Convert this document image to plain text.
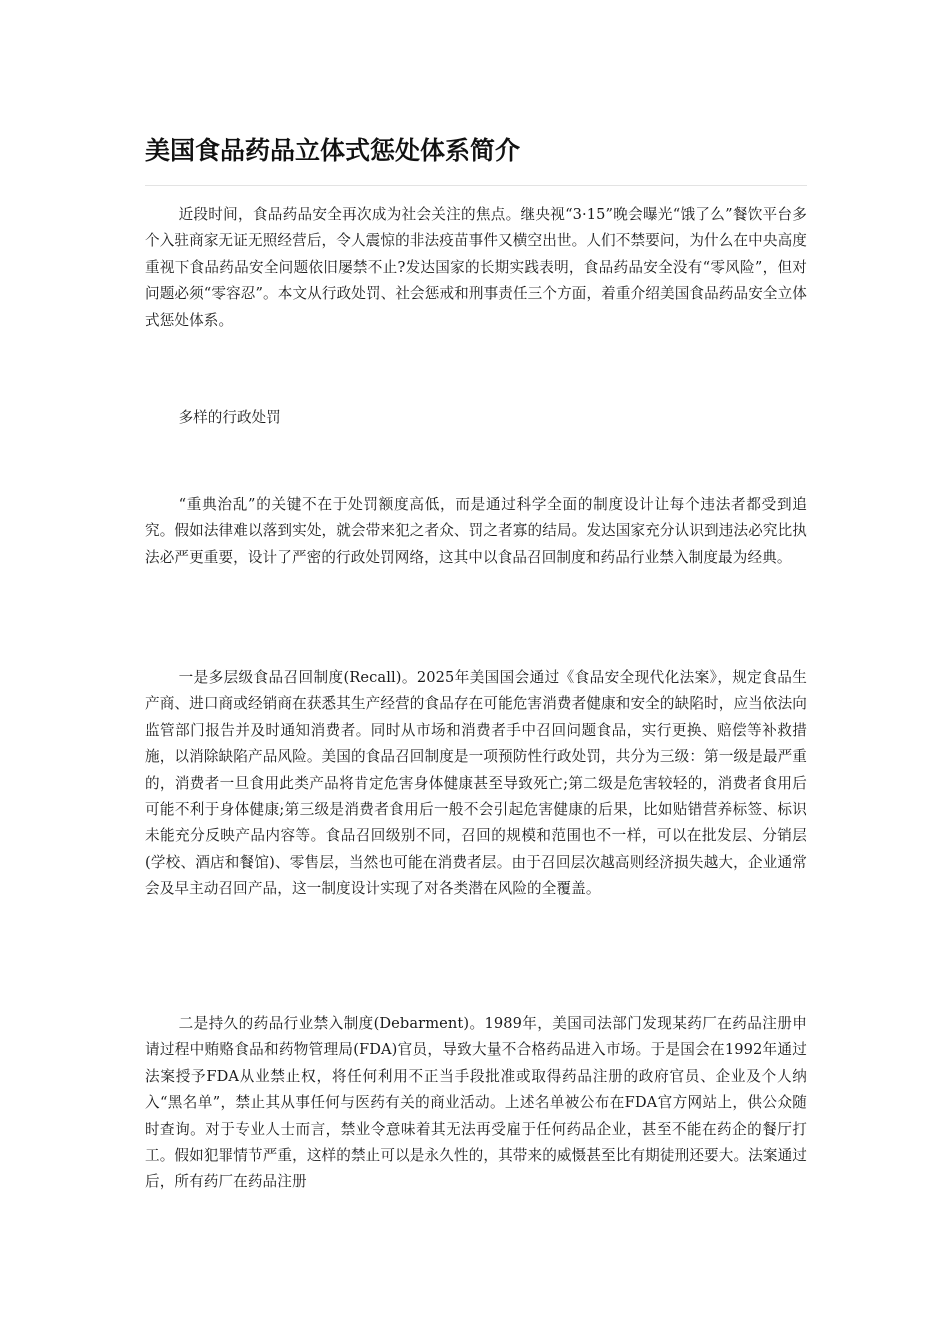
美国食品药品立体式惩处体系简介

近段时间，食品药品安全再次成为社会关注的焦点。继央视“3·15”晚会曝光“饿了么”餐饮平台多个入驻商家无证无照经营后，令人震惊的非法疫苗事件又横空出世。人们不禁要问，为什么在中央高度重视下食品药品安全问题依旧屡禁不止?发达国家的长期实践表明，食品药品安全没有“零风险”，但对问题必须“零容忍”。本文从行政处罚、社会惩戒和刑事责任三个方面，着重介绍美国食品药品安全立体式惩处体系。

多样的行政处罚

“重典治乱”的关键不在于处罚额度高低，而是通过科学全面的制度设计让每个违法者都受到追究。假如法律难以落到实处，就会带来犯之者众、罚之者寡的结局。发达国家充分认识到违法必究比执法必严更重要，设计了严密的行政处罚网络，这其中以食品召回制度和药品行业禁入制度最为经典。

一是多层级食品召回制度(Recall)。2025年美国国会通过《食品安全现代化法案》，规定食品生产商、进口商或经销商在获悉其生产经营的食品存在可能危害消费者健康和安全的缺陷时，应当依法向监管部门报告并及时通知消费者。同时从市场和消费者手中召回问题食品，实行更换、赔偿等补救措施，以消除缺陷产品风险。美国的食品召回制度是一项预防性行政处罚，共分为三级：第一级是最严重的，消费者一旦食用此类产品将肯定危害身体健康甚至导致死亡;第二级是危害较轻的，消费者食用后可能不利于身体健康;第三级是消费者食用后一般不会引起危害健康的后果，比如贴错营养标签、标识未能充分反映产品内容等。食品召回级别不同，召回的规模和范围也不一样，可以在批发层、分销层(学校、酒店和餐馆)、零售层，当然也可能在消费者层。由于召回层次越高则经济损失越大，企业通常会及早主动召回产品，这一制度设计实现了对各类潜在风险的全覆盖。

二是持久的药品行业禁入制度(Debarment)。1989年，美国司法部门发现某药厂在药品注册申请过程中贿赂食品和药物管理局(FDA)官员，导致大量不合格药品进入市场。于是国会在1992年通过法案授予FDA从业禁止权，将任何利用不正当手段批准或取得药品注册的政府官员、企业及个人纳入“黑名单”，禁止其从事任何与医药有关的商业活动。上述名单被公布在FDA官方网站上，供公众随时查询。对于专业人士而言，禁业令意味着其无法再受雇于任何药品企业，甚至不能在药企的餐厅打工。假如犯罪情节严重，这样的禁止可以是永久性的，其带来的威慑甚至比有期徒刑还要大。法案通过后，所有药厂在药品注册
